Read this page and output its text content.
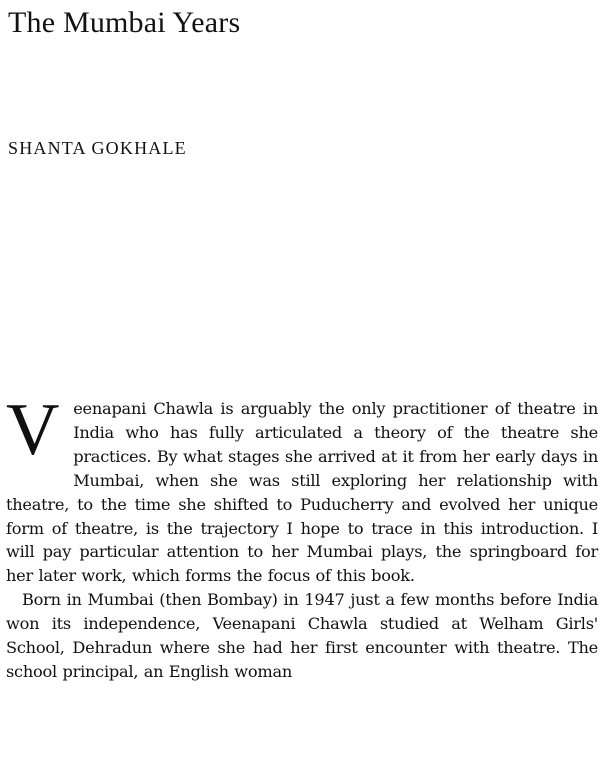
The Mumbai Years
SHANTA GOKHALE

Veenapani Chawla is arguably the only practitioner of theatre in India who has fully articulated a theory of the theatre she practices. By what stages she arrived at it from her early days in Mumbai, when she was still exploring her relationship with theatre, to the time she shifted to Puducherry and evolved her unique form of theatre, is the trajectory I hope to trace in this introduction. I will pay particular attention to her Mumbai plays, the springboard for her later work, which forms the focus of this book.

Born in Mumbai (then Bombay) in 1947 just a few months before India won its independence, Veenapani Chawla studied at Welham Girls' School, Dehradun where she had her first encounter with theatre. The school principal, an English woman
